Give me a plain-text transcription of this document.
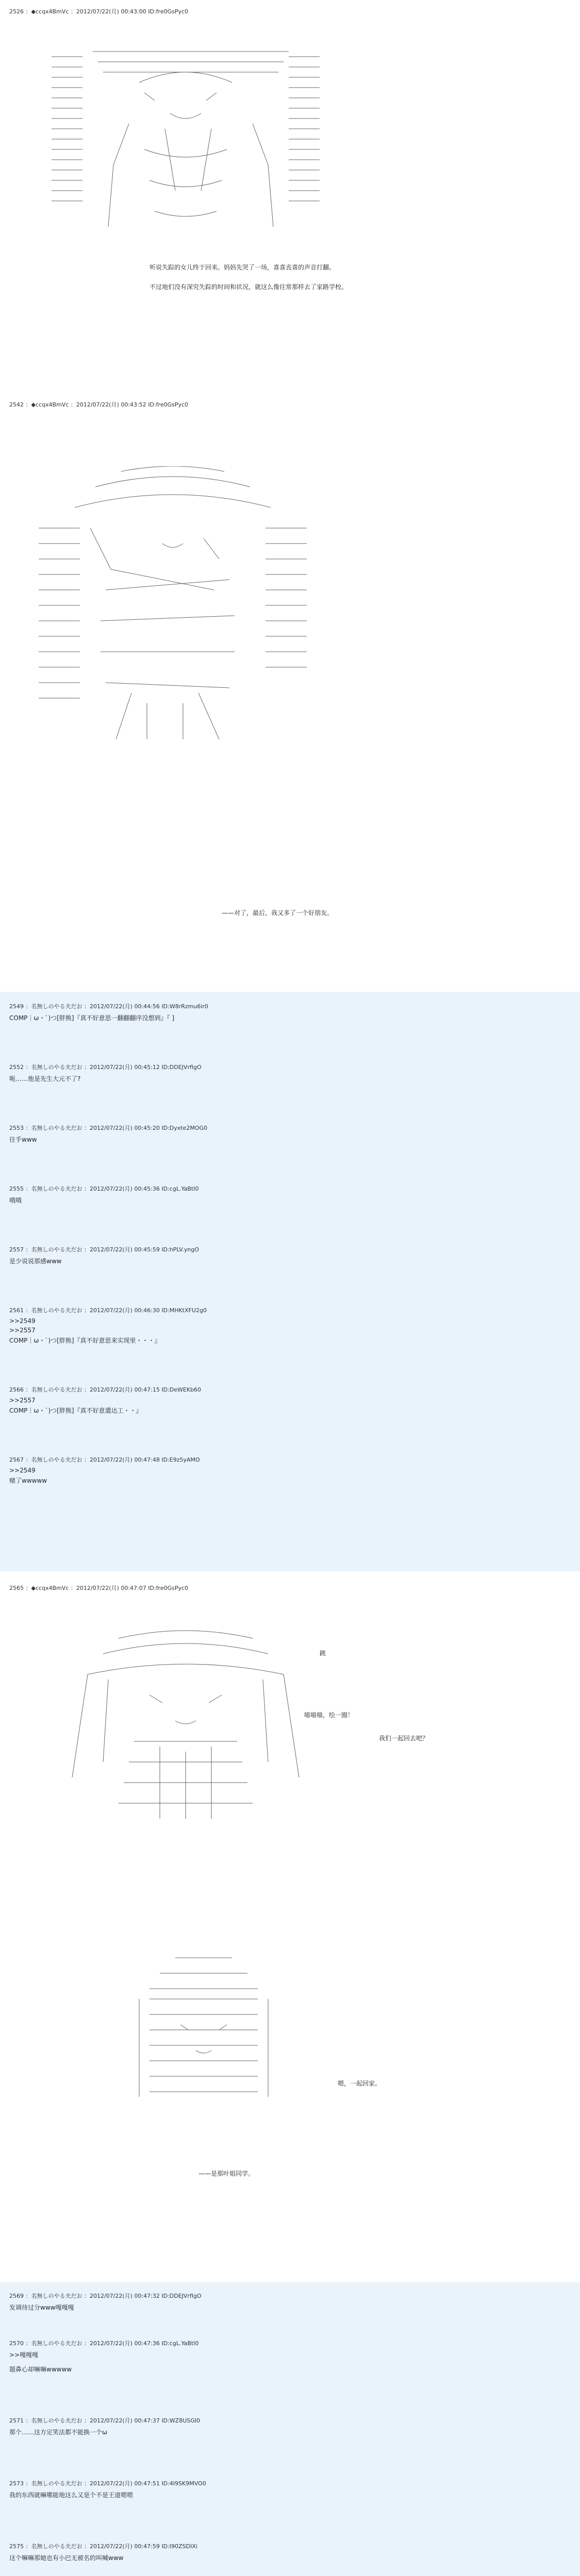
2526 ：◆ccqx4BmVc ：2012/07/22(月) 00:43:00 ID:fre0GsPyc0
听说失踪的女儿终于回来。妈妈先哭了一场，喜喜丧喜的声音打翻。
不过地们没有深究失踪的时间和状况，就这么像往常那样去了家路学校。
2542 ：◆ccqx4BmVc ：2012/07/22(月) 00:43:52 ID:fre0GsPyc0
——对了，最后，我又多了一个好朋友。
2549 ：名無しのやる夫だお ：2012/07/22(月) 00:44:56 ID:W8rRzmu6ir0
COMP｜ω・`)つ[胖熊]『真不好意思一翻翻翻序没想到』『 ]
2552 ：名無しのやる夫だお ：2012/07/22(月) 00:45:12 ID:DDEJVrflgO
呃……他是先生大元不了?
2553 ：名無しのやる夫だお ：2012/07/22(月) 00:45:20 ID:Dyxte2MOG0
往手www
2555 ：名無しのやる夫だお ：2012/07/22(月) 00:45:36 ID:cgL.YaBtI0
哦哦
2557 ：名無しのやる夫だお ：2012/07/22(月) 00:45:59 ID:hPLV.yngO
是少说说那感www
2561 ：名無しのやる夫だお ：2012/07/22(月) 00:46:30 ID:MHKtXFU2g0
>>2549
>>2557
COMP｜ω・`)つ[胖熊]『真不好意思来实现里・・・』
2566 ：名無しのやる夫だお ：2012/07/22(月) 00:47:15 ID:DeWEKb60
>>2557
COMP｜ω・`)つ[胖熊]『真不好意遣达工・・』
2567 ：名無しのやる夫だお ：2012/07/22(月) 00:47:48 ID:E9z5yAMO
>>2549
赌了wwwww
2565 ：◆ccqx4BmVc ：2012/07/22(月) 00:47:07 ID:fre0GsPyc0
跳
喵喵喵，绘一圈！
我们一起回去吧？
嗯，一起回家。
——是那叶姐同学。
2569 ：名無しのやる夫だお ：2012/07/22(月) 00:47:32 ID:DDEJVrflgO
发调待过分www嘎嘎嘎
2570 ：名無しのやる夫だお ：2012/07/22(月) 00:47:36 ID:cgL.YaBtI0
>>嘎嘎嘎
题鼻心却嘛嘛wwwww
2571 ：名無しのやる夫だお ：2012/07/22(月) 00:47:37 ID:WZ8USGI0
那个……这方定笑法都不能换一个ω
2573 ：名無しのやる夫だお ：2012/07/22(月) 00:47:51 ID:4I9SK9MVO0
我的东西就嘛哪能地这么又是个不是王道嗯嗯
2575 ：名無しのやる夫だお ：2012/07/22(月) 00:47:59 ID:I90ZSDIXi
这个嘛嘛那她也有小巴无被名的叫喊www
